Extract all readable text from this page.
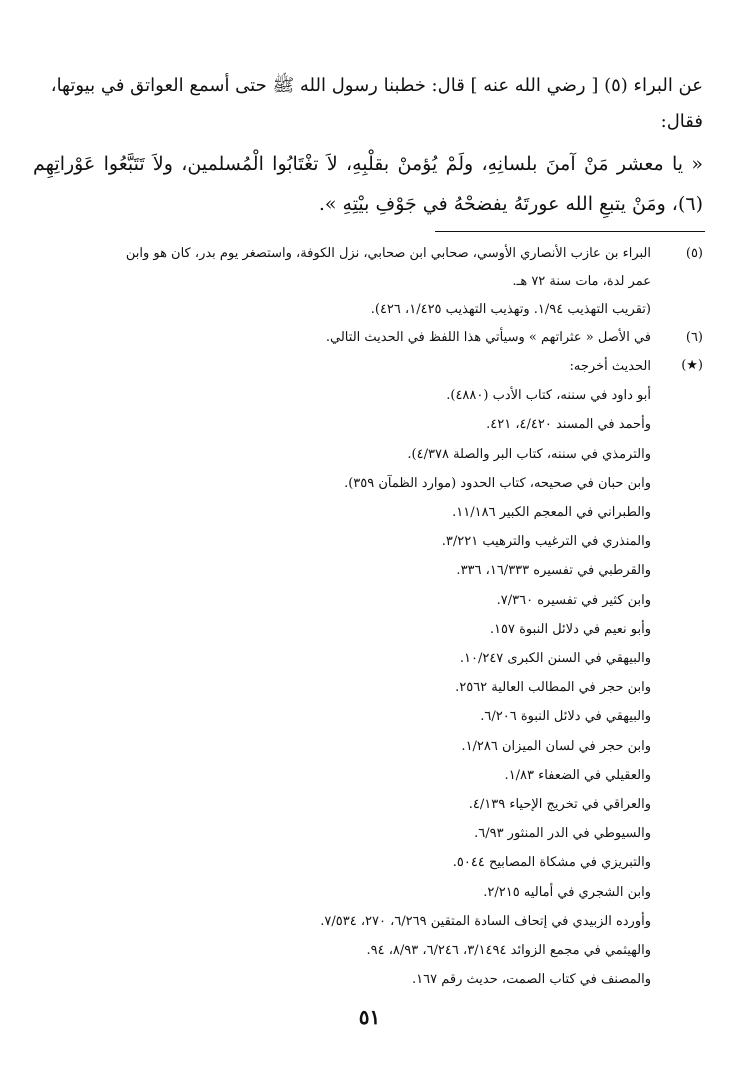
عن البراء (٥) [ رضي الله عنه ] قال: خطبنا رسول الله ﷺ حتى أسمع العواتق في بيوتها،

فقال:

« يا معشر مَنْ آمنَ بلسانِهِ، ولَمْ يُؤمنْ بقلْبِهِ، لاَ تغْتَابُوا الْمُسلمين، ولاَ تَتَبَّعُوا عَوْراتِهِم (٦)، ومَنْ يتبعِ الله عورتَهُ يفضحْهُ في جَوْفِ بيْتِهِ ».

(٥)
البراء بن عازب الأنصاري الأوسي، صحابي ابن صحابي، نزل الكوفة، واستصغر يوم بدر، كان هو وابن
عمر لدة، مات سنة ٧٢ هـ.
(تقريب التهذيب ١/٩٤. وتهذيب التهذيب ١/٤٢٥، ٤٢٦).
(٦)
في الأصل « عثراتهم » وسيأتي هذا اللفظ في الحديث التالي.
(★)
الحديث أخرجه:
أبو داود في سننه، كتاب الأدب (٤٨٨٠).
وأحمد في المسند ٤/٤٢٠، ٤٢١.
والترمذي في سننه، كتاب البر والصلة ٤/٣٧٨).
وابن حبان في صحيحه، كتاب الحدود (موارد الظمآن ٣٥٩).
والطبراني في المعجم الكبير ١١/١٨٦.
والمنذري في الترغيب والترهيب ٣/٢٢١.
والقرطبي في تفسيره ١٦/٣٣٣، ٣٣٦.
وابن كثير في تفسيره ٧/٣٦٠.
وأبو نعيم في دلائل النبوة ١٥٧.
والبيهقي في السنن الكبرى ١٠/٢٤٧.
وابن حجر في المطالب العالية ٢٥٦٢.
والبيهقي في دلائل النبوة ٦/٢٠٦.
وابن حجر في لسان الميزان ١/٢٨٦.
والعقيلي في الضعفاء ١/٨٣.
والعراقي في تخريج الإحياء ٤/١٣٩.
والسيوطي في الدر المنثور ٦/٩٣.
والتبريزي في مشكاة المصابيح ٥٠٤٤.
وابن الشجري في أماليه ٢/٢١٥.
وأورده الزبيدي في إتحاف السادة المتقين ٦/٢٦٩، ٢٧٠، ٧/٥٣٤.
والهيثمي في مجمع الزوائد ٣/١٤٩٤، ٦/٢٤٦، ٨/٩٣، ٩٤.
والمصنف في كتاب الصمت، حديث رقم ١٦٧.
٥١
